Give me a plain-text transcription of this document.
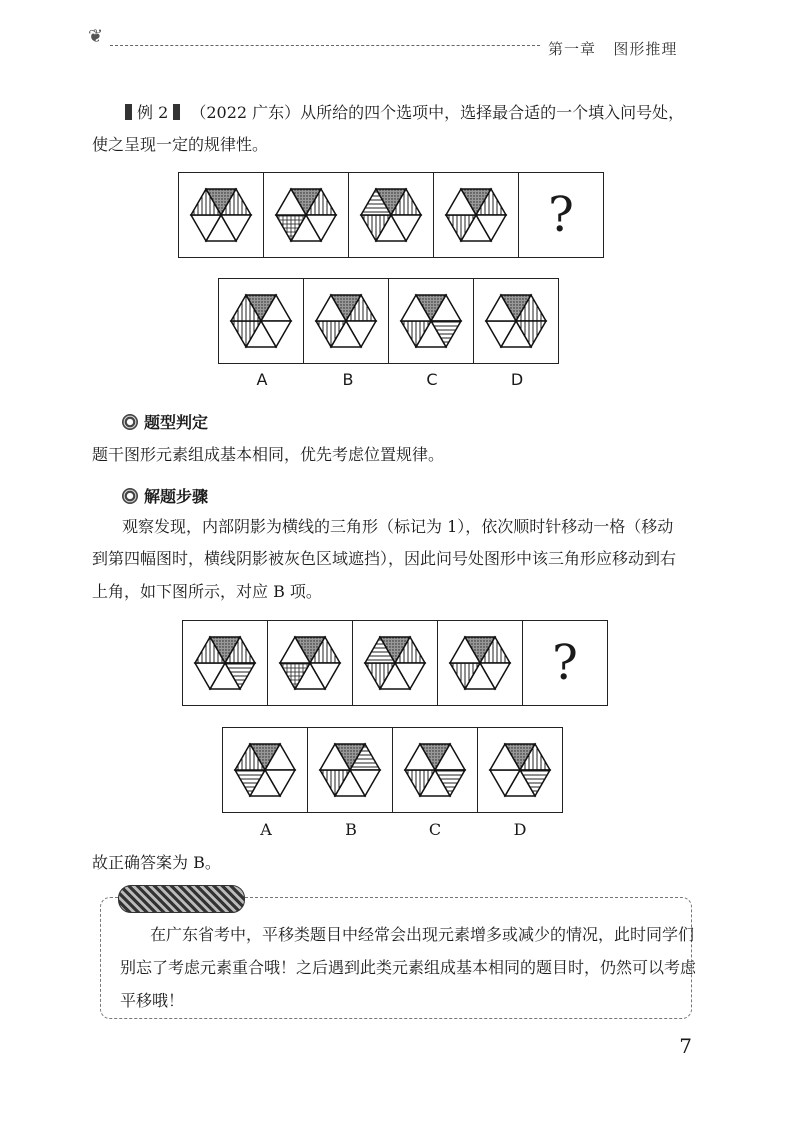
❦
第一章 图形推理

例 2 （2022 广东）从所给的四个选项中，选择最合适的一个填入问号处，

使之呈现一定的规律性。

?
A	B	C	D
题型判定

题干图形元素组成基本相同，优先考虑位置规律。

解题步骤

观察发现，内部阴影为横线的三角形（标记为 1），依次顺时针移动一格（移动

到第四幅图时，横线阴影被灰色区域遮挡），因此问号处图形中该三角形应移动到右

上角，如下图所示，对应 B 项。

?
A	B	C	D

故正确答案为 B。

在广东省考中，平移类题目中经常会出现元素增多或减少的情况，此时同学们

别忘了考虑元素重合哦！之后遇到此类元素组成基本相同的题目时，仍然可以考虑

平移哦！

7
